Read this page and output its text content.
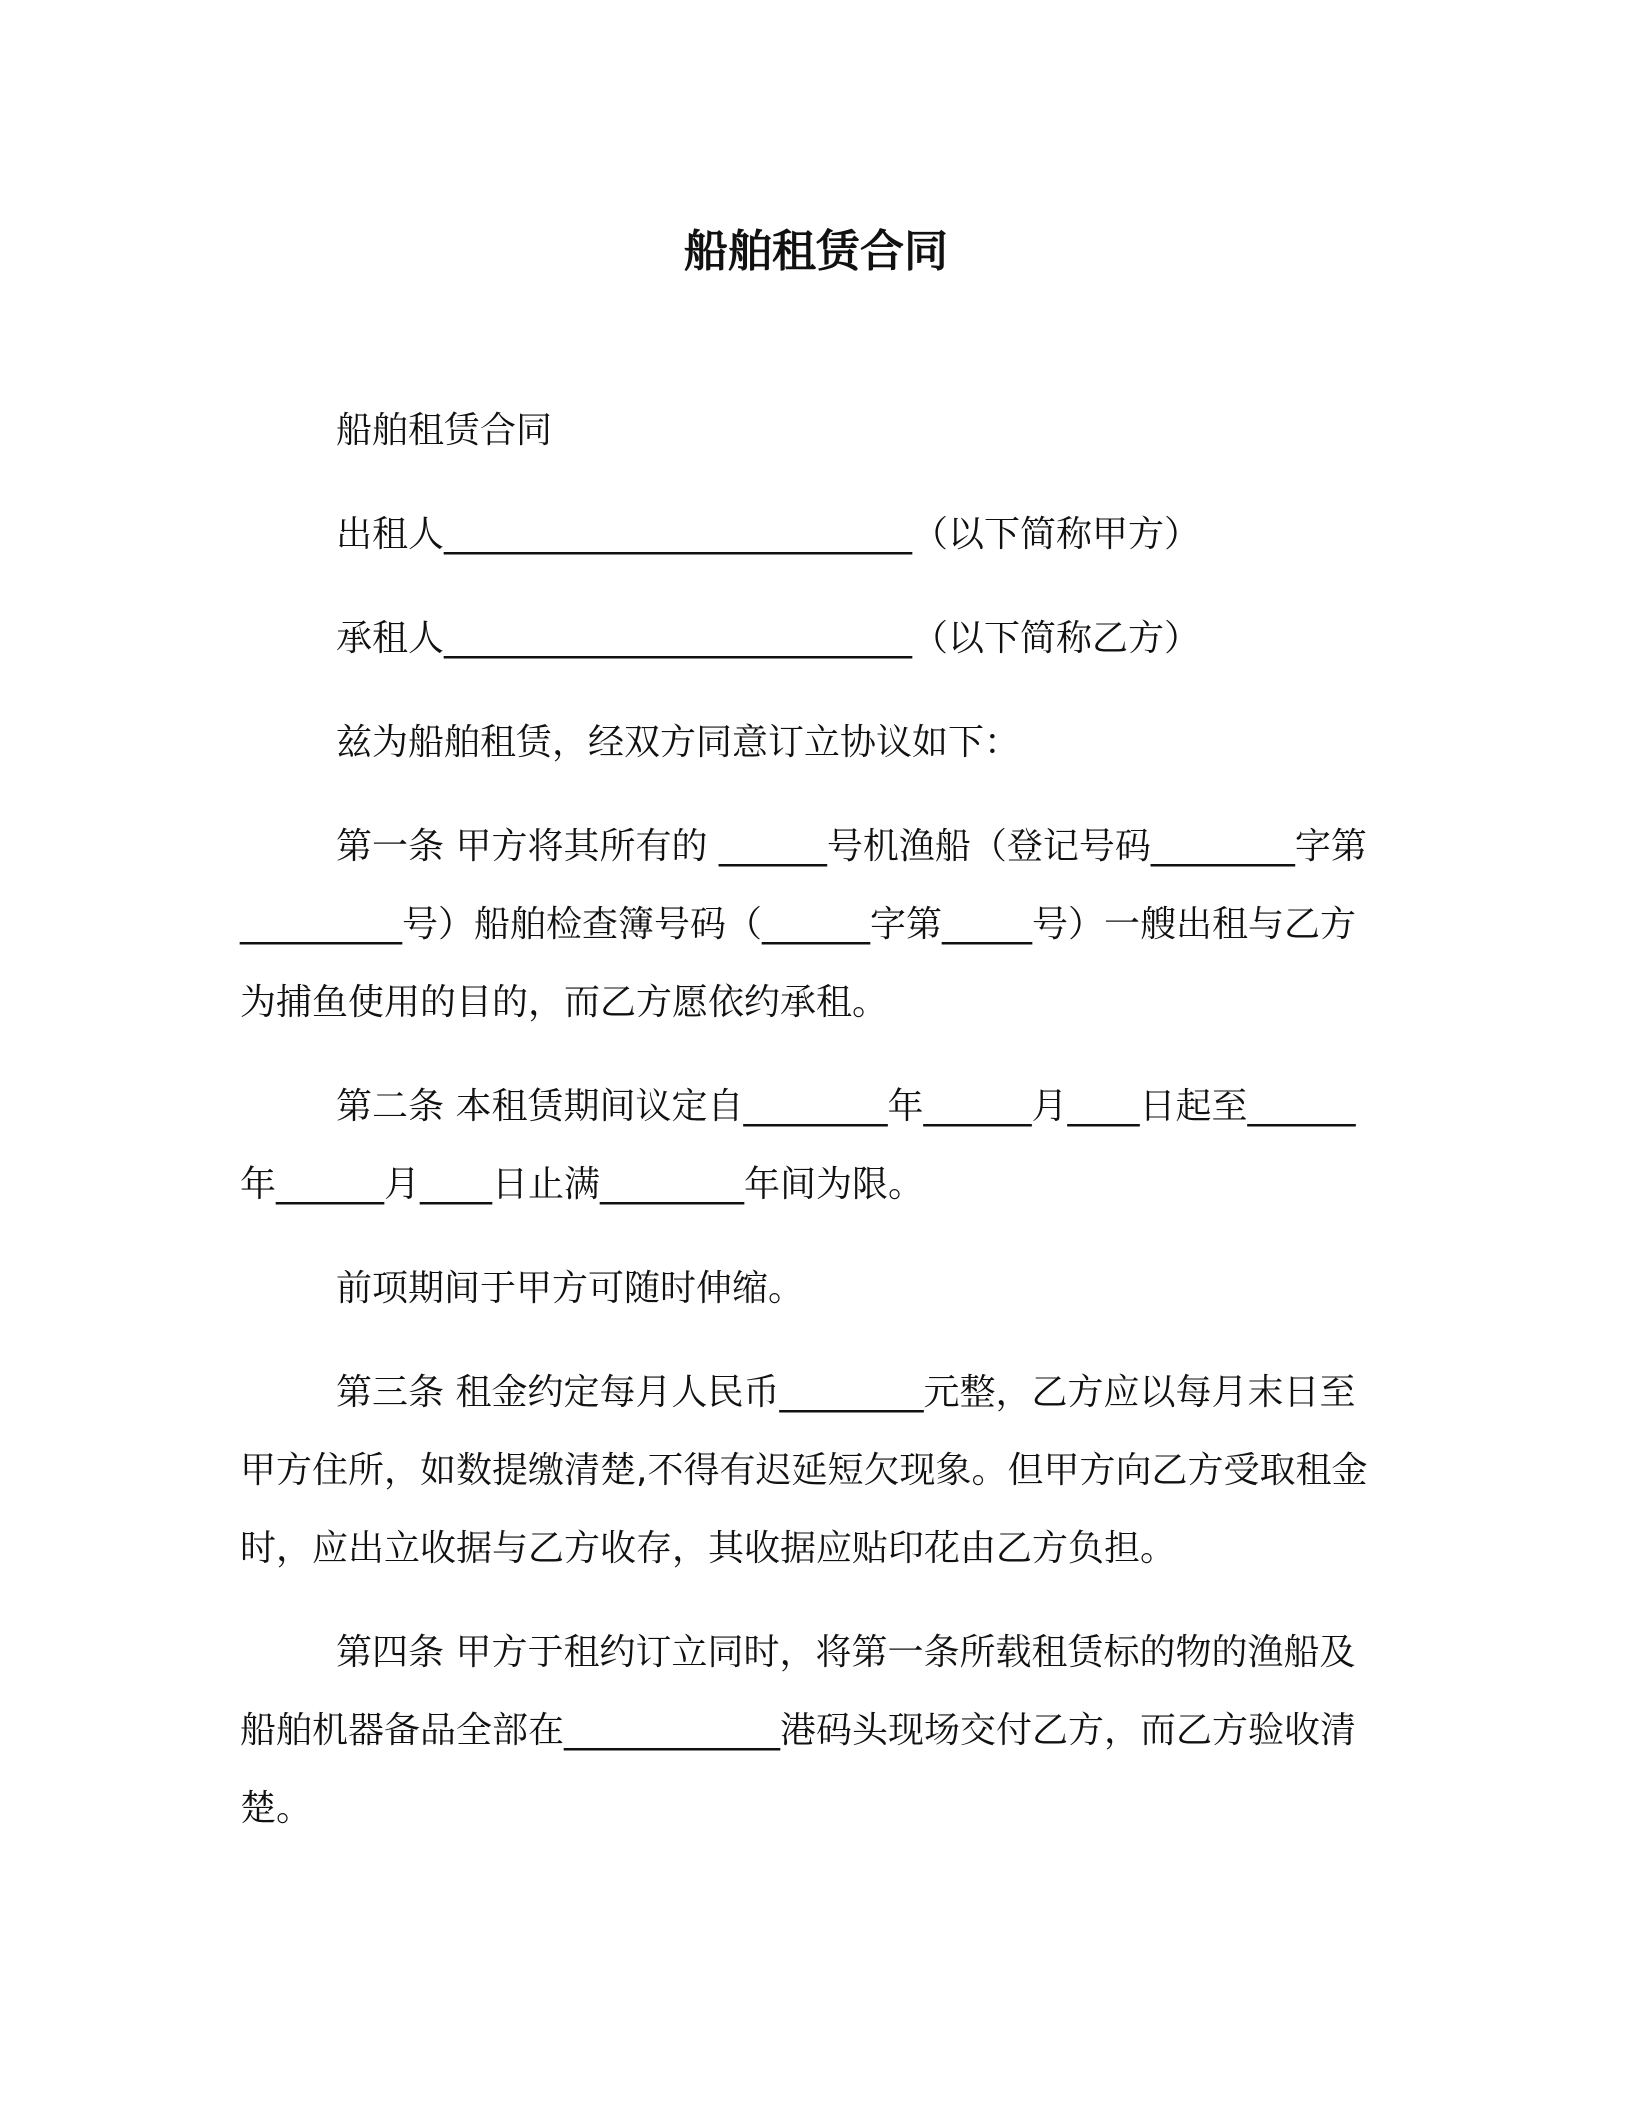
船舶租赁合同

船舶租赁合同

出租人__________________________（以下简称甲方）

承租人__________________________（以下简称乙方）

兹为船舶租赁，经双方同意订立协议如下：

第一条 甲方将其所有的 ______号机渔船（登记号码________字第_________号）船舶检查簿号码（______字第_____号）一艘出租与乙方为捕鱼使用的目的，而乙方愿依约承租。

第二条 本租赁期间议定自________年______月____日起至______年______月____日止满________年间为限。

前项期间于甲方可随时伸缩。

第三条 租金约定每月人民币________元整，乙方应以每月末日至甲方住所，如数提缴清楚,不得有迟延短欠现象。但甲方向乙方受取租金时，应出立收据与乙方收存，其收据应贴印花由乙方负担。

第四条 甲方于租约订立同时，将第一条所载租赁标的物的渔船及船舶机器备品全部在____________港码头现场交付乙方，而乙方验收清楚。
